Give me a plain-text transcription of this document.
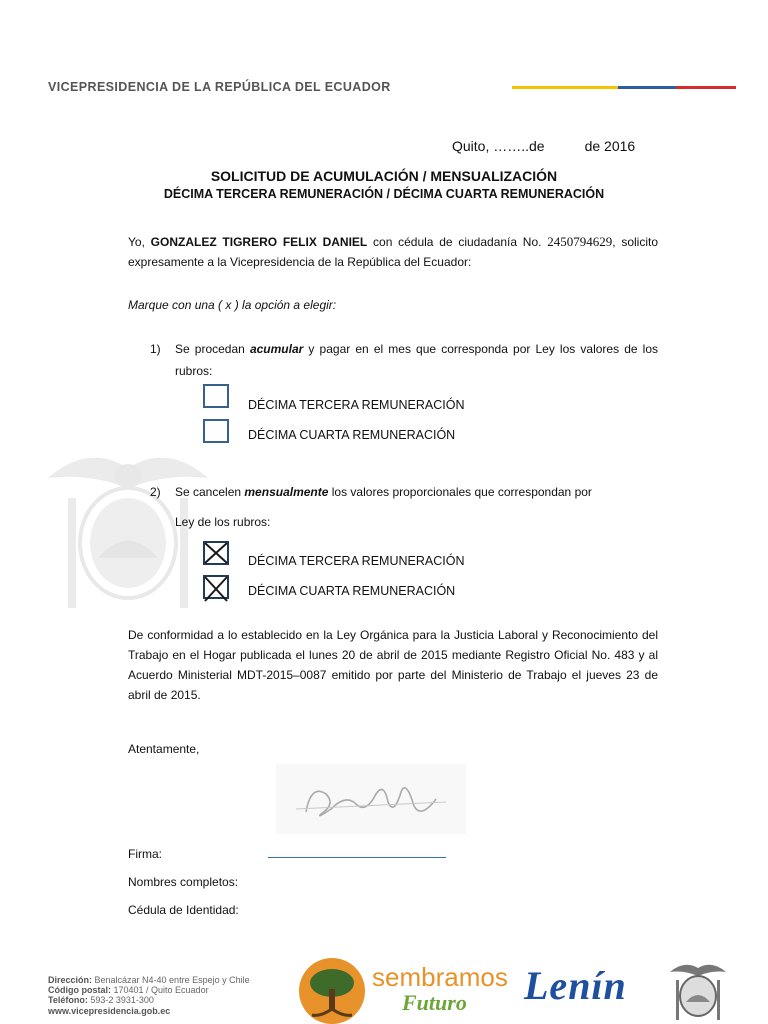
VICEPRESIDENCIA DE LA REPÚBLICA DEL ECUADOR
Quito, ……..de	de 2016
SOLICITUD DE ACUMULACIÓN / MENSUALIZACIÓN
DÉCIMA TERCERA REMUNERACIÓN / DÉCIMA CUARTA REMUNERACIÓN
Yo, GONZALEZ TIGRERO FELIX DANIEL con cédula de ciudadanía No. 2450794629, solicito expresamente a la Vicepresidencia de la República del Ecuador:
Marque con una ( x ) la opción a elegir:
1) Se procedan acumular y pagar en el mes que corresponda por Ley los valores de los rubros:
DÉCIMA TERCERA REMUNERACIÓN
DÉCIMA CUARTA REMUNERACIÓN
2) Se cancelen mensualmente los valores proporcionales que correspondan por
Ley de los rubros:
DÉCIMA TERCERA REMUNERACIÓN
DÉCIMA CUARTA REMUNERACIÓN
De conformidad a lo establecido en la Ley Orgánica para la Justicia Laboral y Reconocimiento del Trabajo en el Hogar publicada el lunes 20 de abril de 2015 mediante Registro Oficial No. 483 y al Acuerdo Ministerial MDT-2015–0087 emitido por parte del Ministerio de Trabajo el jueves 23 de abril de 2015.
Atentamente,
Firma:
Nombres completos:
Cédula de Identidad:
Dirección: Benalcázar N4-40 entre Espejo y Chile
Código postal: 170401 / Quito Ecuador
Teléfono: 593-2 3931-300
www.vicepresidencia.gob.ec
sembramos
Futuro Lenín
